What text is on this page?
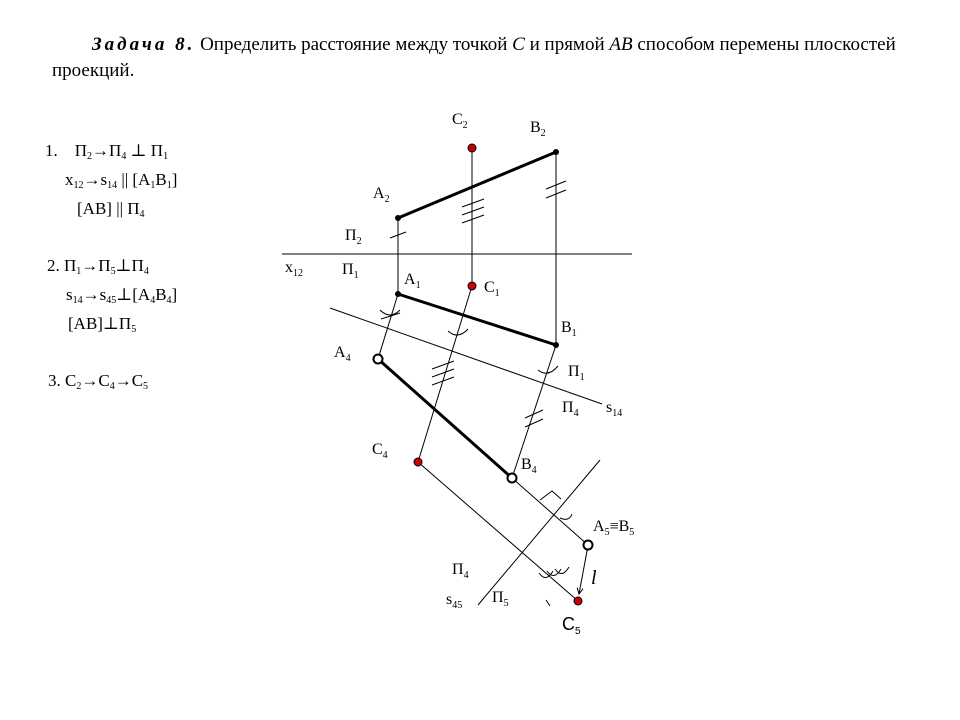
Задача 8. Определить расстояние между точкой C и прямой AB способом перемены плоскостей проекций.
1. $П_2\to П_4$ ⊥ $П_1$
$x_{12}\to s_{14}$ || $[A_1B_1]$
[AB] || $П_4$
2. $П_1\to П_5\perp П_4$
$s_{14}\to s_{45}\perp[A_4B_4]$
$[AB]\perp П_5$
3. $C_2\to C_4\to C_5$
C2	B2
A2
П2
x12 П1	A1	C1
B1
A4
П1
П4 s14
C4
B4
A5≡B5
П4	l
s45 П5
C5
